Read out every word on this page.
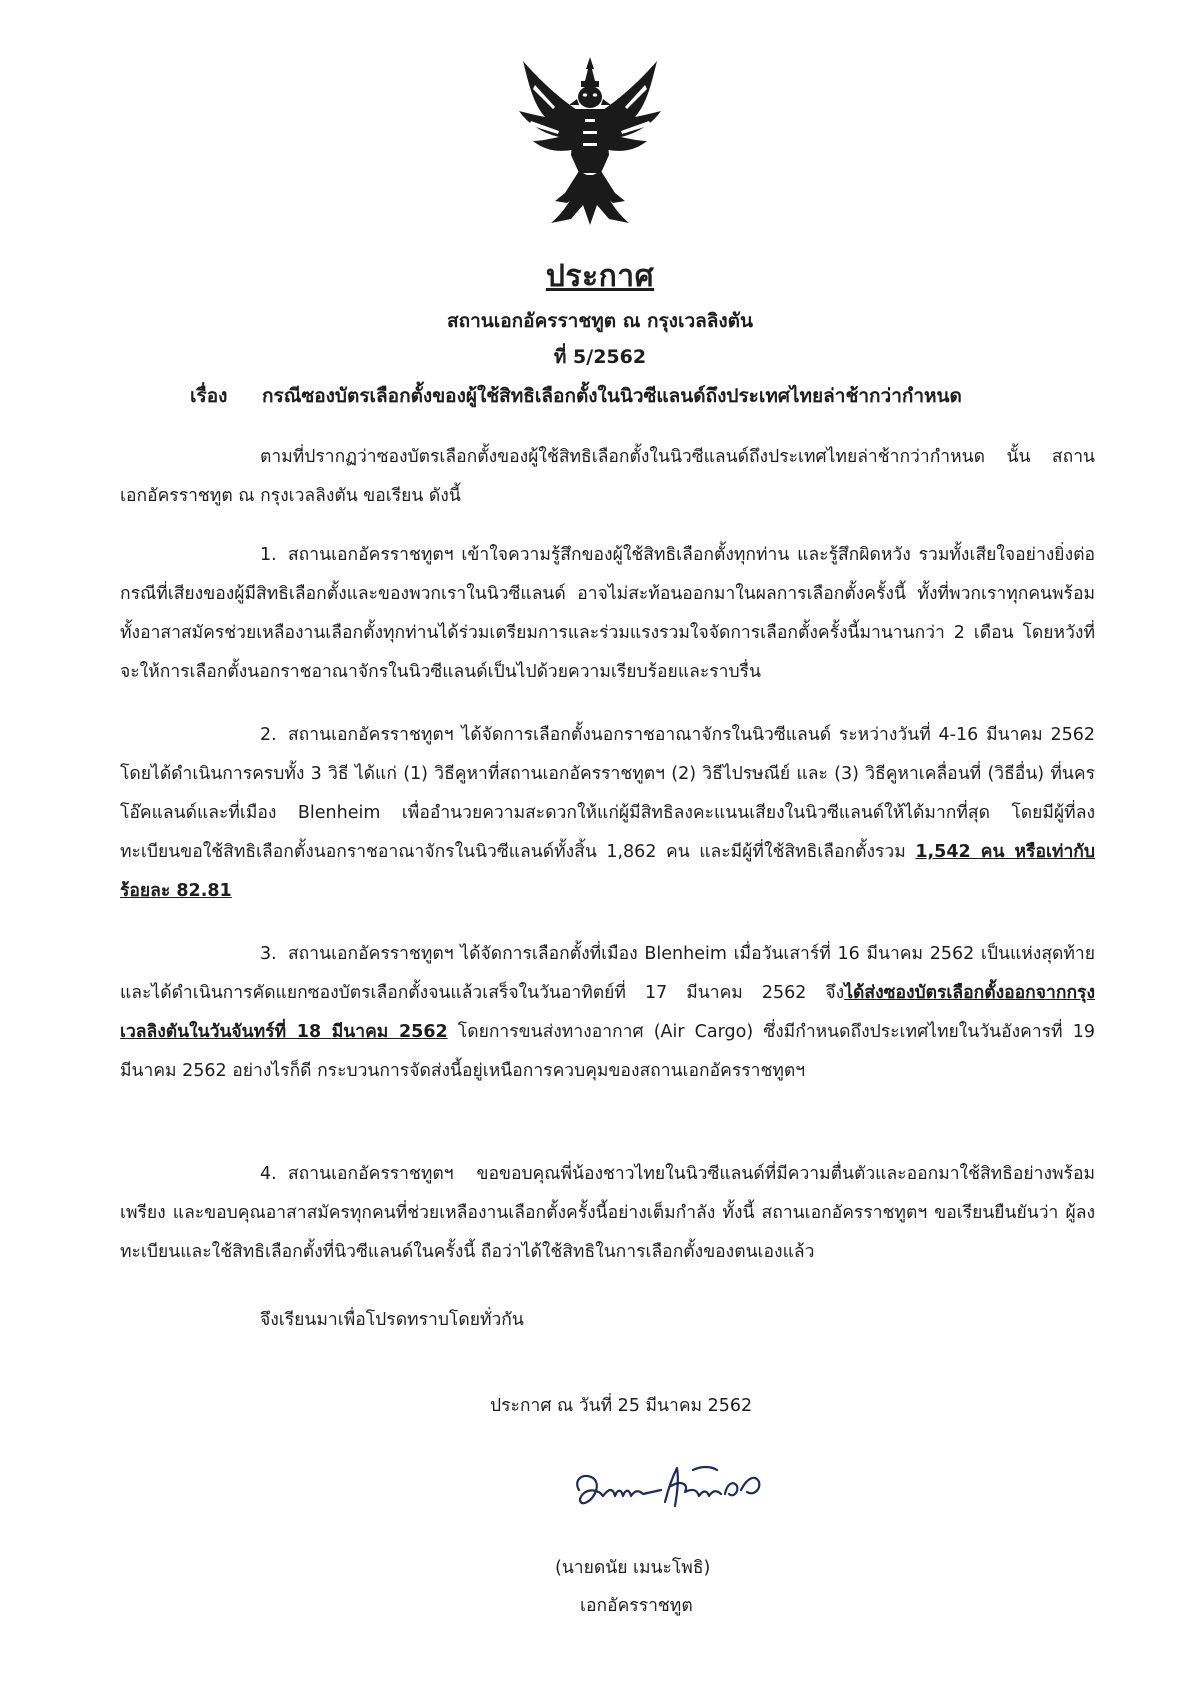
ประกาศ
สถานเอกอัครราชทูต ณ กรุงเวลลิงตัน
ที่ 5/2562
เรื่อง กรณีซองบัตรเลือกตั้งของผู้ใช้สิทธิเลือกตั้งในนิวซีแลนด์ถึงประเทศไทยล่าช้ากว่ากำหนด
ตามที่ปรากฏว่าซองบัตรเลือกตั้งของผู้ใช้สิทธิเลือกตั้งในนิวซีแลนด์ถึงประเทศไทยล่าช้ากว่ากำหนด นั้น สถานเอกอัครราชทูต ณ กรุงเวลลิงตัน ขอเรียน ดังนี้
1. สถานเอกอัครราชทูตฯ เข้าใจความรู้สึกของผู้ใช้สิทธิเลือกตั้งทุกท่าน และรู้สึกผิดหวัง รวมทั้งเสียใจอย่างยิ่งต่อกรณีที่เสียงของผู้มีสิทธิเลือกตั้งและของพวกเราในนิวซีแลนด์ อาจไม่สะท้อนออกมาในผลการเลือกตั้งครั้งนี้ ทั้งที่พวกเราทุกคนพร้อมทั้งอาสาสมัครช่วยเหลืองานเลือกตั้งทุกท่านได้ร่วมเตรียมการและร่วมแรงรวมใจจัดการเลือกตั้งครั้งนี้มานานกว่า 2 เดือน โดยหวังที่จะให้การเลือกตั้งนอกราชอาณาจักรในนิวซีแลนด์เป็นไปด้วยความเรียบร้อยและราบรื่น
2. สถานเอกอัครราชทูตฯ ได้จัดการเลือกตั้งนอกราชอาณาจักรในนิวซีแลนด์ ระหว่างวันที่ 4-16 มีนาคม 2562 โดยได้ดำเนินการครบทั้ง 3 วิธี ได้แก่ (1) วิธีคูหาที่สถานเอกอัครราชทูตฯ (2) วิธีไปรษณีย์ และ (3) วิธีคูหาเคลื่อนที่ (วิธีอื่น) ที่นครโอ๊คแลนด์และที่เมือง Blenheim เพื่ออำนวยความสะดวกให้แก่ผู้มีสิทธิลงคะแนนเสียงในนิวซีแลนด์ให้ได้มากที่สุด โดยมีผู้ที่ลงทะเบียนขอใช้สิทธิเลือกตั้งนอกราชอาณาจักรในนิวซีแลนด์ทั้งสิ้น 1,862 คน และมีผู้ที่ใช้สิทธิเลือกตั้งรวม 1,542 คน หรือเท่ากับร้อยละ 82.81
3. สถานเอกอัครราชทูตฯ ได้จัดการเลือกตั้งที่เมือง Blenheim เมื่อวันเสาร์ที่ 16 มีนาคม 2562 เป็นแห่งสุดท้ายและได้ดำเนินการคัดแยกซองบัตรเลือกตั้งจนแล้วเสร็จในวันอาทิตย์ที่ 17 มีนาคม 2562 จึงได้ส่งซองบัตรเลือกตั้งออกจากกรุงเวลลิงตันในวันจันทร์ที่ 18 มีนาคม 2562 โดยการขนส่งทางอากาศ (Air Cargo) ซึ่งมีกำหนดถึงประเทศไทยในวันอังคารที่ 19 มีนาคม 2562 อย่างไรก็ดี กระบวนการจัดส่งนี้อยู่เหนือการควบคุมของสถานเอกอัครราชทูตฯ
4. สถานเอกอัครราชทูตฯ ขอขอบคุณพี่น้องชาวไทยในนิวซีแลนด์ที่มีความตื่นตัวและออกมาใช้สิทธิอย่างพร้อมเพรียง และขอบคุณอาสาสมัครทุกคนที่ช่วยเหลืองานเลือกตั้งครั้งนี้อย่างเต็มกำลัง ทั้งนี้ สถานเอกอัครราชทูตฯ ขอเรียนยืนยันว่า ผู้ลงทะเบียนและใช้สิทธิเลือกตั้งที่นิวซีแลนด์ในครั้งนี้ ถือว่าได้ใช้สิทธิในการเลือกตั้งของตนเองแล้ว
จึงเรียนมาเพื่อโปรดทราบโดยทั่วกัน
ประกาศ ณ วันที่ 25 มีนาคม 2562
(นายดนัย เมนะโพธิ)
เอกอัครราชทูต
